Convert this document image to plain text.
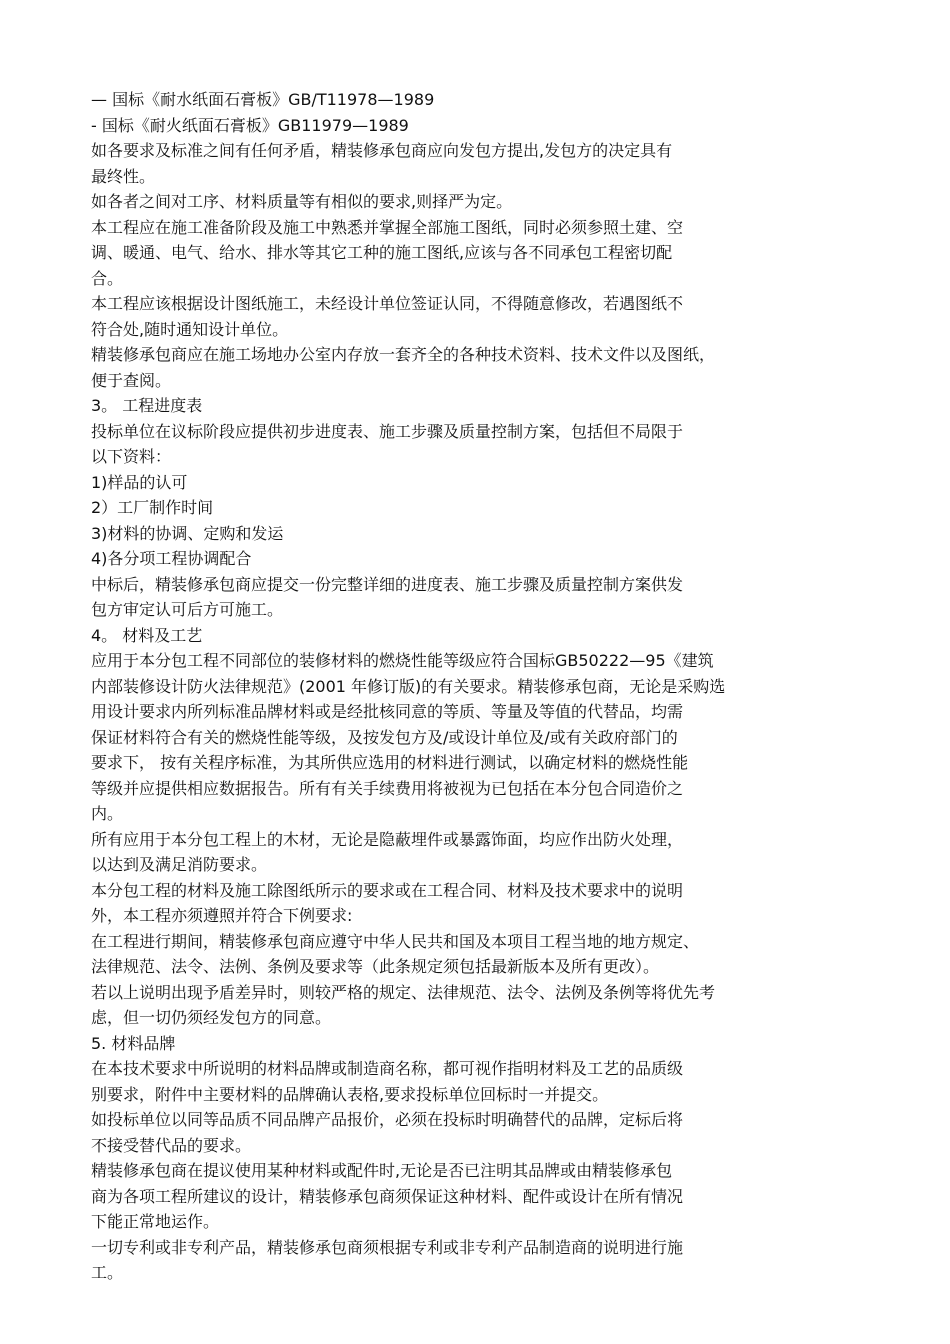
— 国标《耐水纸面石膏板》GB/T11978—1989
- 国标《耐火纸面石膏板》GB11979—1989
如各要求及标准之间有任何矛盾，精装修承包商应向发包方提出,发包方的决定具有
最终性。
如各者之间对工序、材料质量等有相似的要求,则择严为定。
本工程应在施工准备阶段及施工中熟悉并掌握全部施工图纸，同时必须参照土建、空
调、暖通、电气、给水、排水等其它工种的施工图纸,应该与各不同承包工程密切配
合。
本工程应该根据设计图纸施工，未经设计单位签证认同，不得随意修改，若遇图纸不
符合处,随时通知设计单位。
精装修承包商应在施工场地办公室内存放一套齐全的各种技术资料、技术文件以及图纸，
便于查阅。
3。 工程进度表
投标单位在议标阶段应提供初步进度表、施工步骤及质量控制方案，包括但不局限于
以下资料：
1)样品的认可
2）工厂制作时间
3)材料的协调、定购和发运
4)各分项工程协调配合
中标后，精装修承包商应提交一份完整详细的进度表、施工步骤及质量控制方案供发
包方审定认可后方可施工。
4。 材料及工艺
应用于本分包工程不同部位的装修材料的燃烧性能等级应符合国标GB50222—95《建筑
内部装修设计防火法律规范》(2001 年修订版)的有关要求。精装修承包商，无论是采购选
用设计要求内所列标准品牌材料或是经批核同意的等质、等量及等值的代替品，均需
保证材料符合有关的燃烧性能等级，及按发包方及/或设计单位及/或有关政府部门的
要求下， 按有关程序标准，为其所供应选用的材料进行测试，以确定材料的燃烧性能
等级并应提供相应数据报告。所有有关手续费用将被视为已包括在本分包合同造价之
内。
所有应用于本分包工程上的木材，无论是隐蔽埋件或暴露饰面，均应作出防火处理，
以达到及满足消防要求。
本分包工程的材料及施工除图纸所示的要求或在工程合同、材料及技术要求中的说明
外，本工程亦须遵照并符合下例要求:
在工程进行期间，精装修承包商应遵守中华人民共和国及本项目工程当地的地方规定、
法律规范、法令、法例、条例及要求等（此条规定须包括最新版本及所有更改）。
若以上说明出现予盾差异时，则较严格的规定、法律规范、法令、法例及条例等将优先考
虑，但一切仍须经发包方的同意。
5. 材料品牌
在本技术要求中所说明的材料品牌或制造商名称，都可视作指明材料及工艺的品质级
别要求，附件中主要材料的品牌确认表格,要求投标单位回标时一并提交。
如投标单位以同等品质不同品牌产品报价，必须在投标时明确替代的品牌，定标后将
不接受替代品的要求。
精装修承包商在提议使用某种材料或配件时,无论是否已注明其品牌或由精装修承包
商为各项工程所建议的设计，精装修承包商须保证这种材料、配件或设计在所有情况
下能正常地运作。
一切专利或非专利产品，精装修承包商须根据专利或非专利产品制造商的说明进行施
工。
